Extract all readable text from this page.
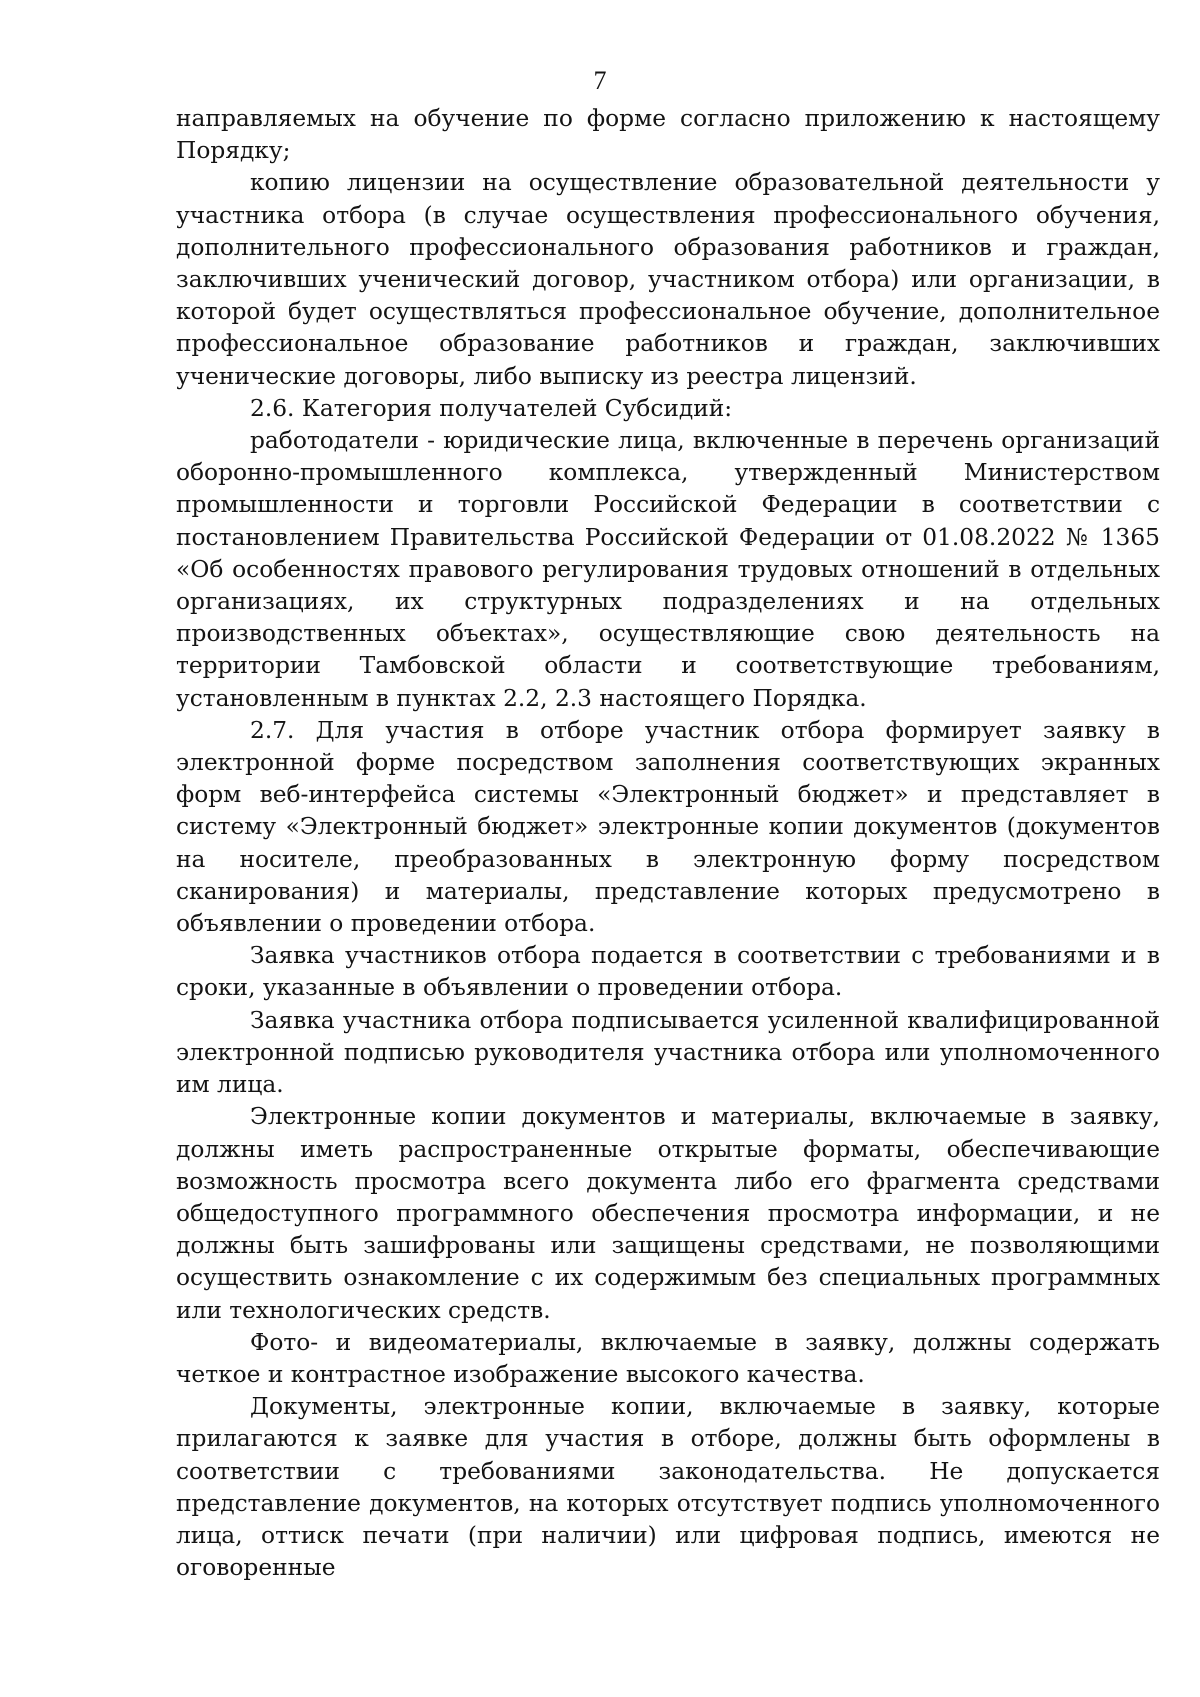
7

направляемых на обучение по форме согласно приложению к настоящему Порядку;

копию лицензии на осуществление образовательной деятельности у участника отбора (в случае осуществления профессионального обучения, дополнительного профессионального образования работников и граждан, заключивших ученический договор, участником отбора) или организации, в которой будет осуществляться профессиональное обучение, дополнительное профессиональное образование работников и граждан, заключивших ученические договоры, либо выписку из реестра лицензий.

2.6. Категория получателей Субсидий:

работодатели - юридические лица, включенные в перечень организаций оборонно-промышленного комплекса, утвержденный Министерством промышленности и торговли Российской Федерации в соответствии с постановлением Правительства Российской Федерации от 01.08.2022 № 1365 «Об особенностях правового регулирования трудовых отношений в отдельных организациях, их структурных подразделениях и на отдельных производственных объектах», осуществляющие свою деятельность на территории Тамбовской области и соответствующие требованиям, установленным в пунктах 2.2, 2.3 настоящего Порядка.

2.7. Для участия в отборе участник отбора формирует заявку в электронной форме посредством заполнения соответствующих экранных форм веб-интерфейса системы «Электронный бюджет» и представляет в систему «Электронный бюджет» электронные копии документов (документов на носителе, преобразованных в электронную форму посредством сканирования) и материалы, представление которых предусмотрено в объявлении о проведении отбора.

Заявка участников отбора подается в соответствии с требованиями и в сроки, указанные в объявлении о проведении отбора.

Заявка участника отбора подписывается усиленной квалифицированной электронной подписью руководителя участника отбора или уполномоченного им лица.

Электронные копии документов и материалы, включаемые в заявку, должны иметь распространенные открытые форматы, обеспечивающие возможность просмотра всего документа либо его фрагмента средствами общедоступного программного обеспечения просмотра информации, и не должны быть зашифрованы или защищены средствами, не позволяющими осуществить ознакомление с их содержимым без специальных программных или технологических средств.

Фото- и видеоматериалы, включаемые в заявку, должны содержать четкое и контрастное изображение высокого качества.

Документы, электронные копии, включаемые в заявку, которые прилагаются к заявке для участия в отборе, должны быть оформлены в соответствии с требованиями законодательства. Не допускается представление документов, на которых отсутствует подпись уполномоченного лица, оттиск печати (при наличии) или цифровая подпись, имеются не оговоренные
